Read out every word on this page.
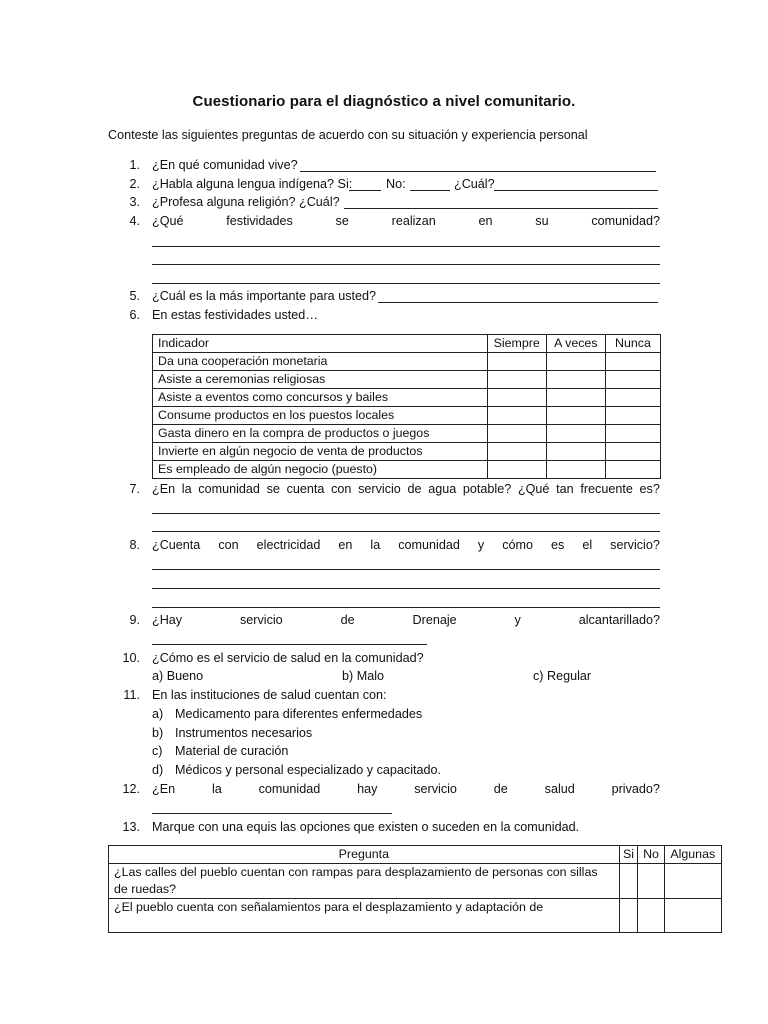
Cuestionario para el diagnóstico a nivel comunitario.
Conteste las siguientes preguntas de acuerdo con su situación y experiencia personal
1. ¿En qué comunidad vive?
2. ¿Habla alguna lengua indígena? Si:	No:	¿Cuál?
3. ¿Profesa alguna religión? ¿Cuál?
4. ¿Qué	festividades	se	realizan	en	su	comunidad?
5. ¿Cuál es la más importante para usted?
6. En estas festividades usted…
Indicador	Siempre	A veces	Nunca
Da una cooperación monetaria			
Asiste a ceremonias religiosas			
Asiste a eventos como concursos y bailes			
Consume productos en los puestos locales			
Gasta dinero en la compra de productos o juegos			
Invierte en algún negocio de venta de productos			
Es empleado de algún negocio (puesto)			
7. ¿En la comunidad se cuenta con servicio de agua potable? ¿Qué tan frecuente es?
8. ¿Cuenta con electricidad en la comunidad y cómo es el servicio?
9. ¿Hay	servicio	de	Drenaje	y	alcantarillado?
10. ¿Cómo es el servicio de salud en la comunidad?
a) Bueno	b) Malo	c) Regular
11. En las instituciones de salud cuentan con:
a) Medicamento para diferentes enfermedades
b) Instrumentos necesarios
c) Material de curación
d) Médicos y personal especializado y capacitado.
12. ¿En	la	comunidad	hay	servicio	de	salud	privado?
13. Marque con una equis las opciones que existen o suceden en la comunidad.
Pregunta	Si	No	Algunas
¿Las calles del pueblo cuentan con rampas para desplazamiento de personas con sillas de ruedas?			
¿El pueblo cuenta con señalamientos para el desplazamiento y adaptación de			
